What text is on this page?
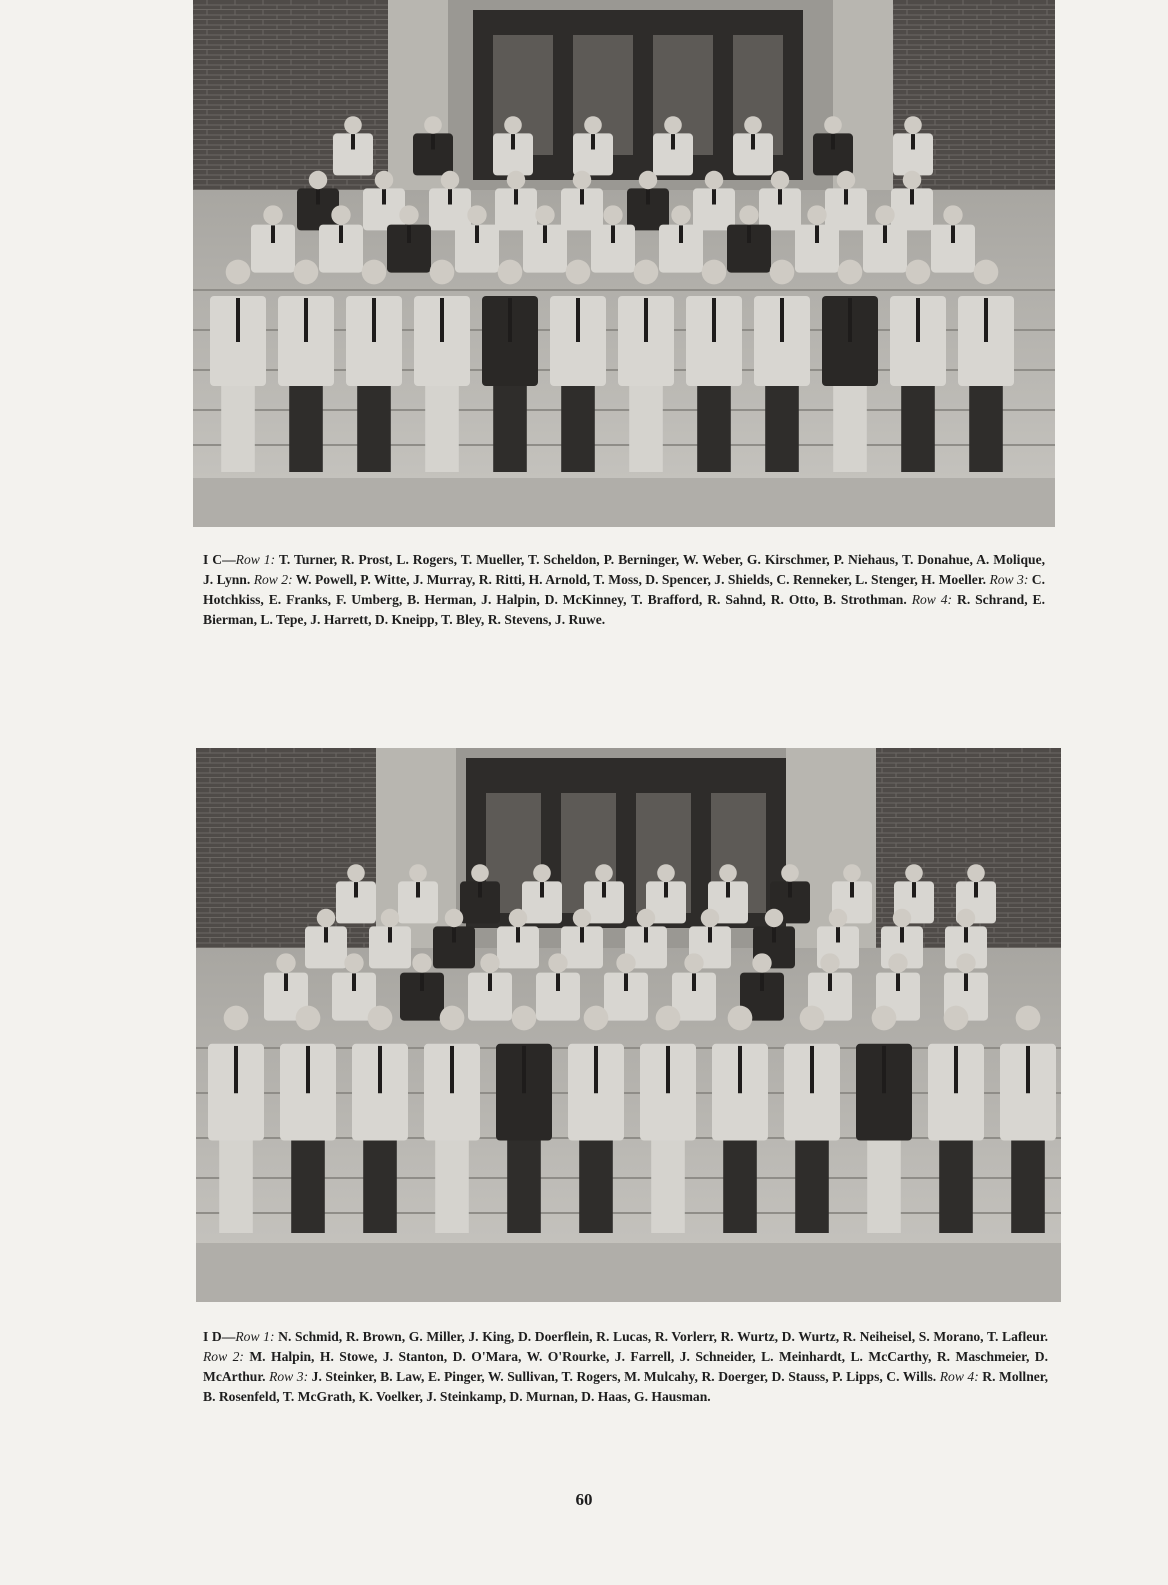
I C—Row 1: T. Turner, R. Prost, L. Rogers, T. Mueller, T. Scheldon, P. Berninger, W. Weber, G. Kirschmer, P. Niehaus, T. Donahue, A. Molique, J. Lynn. Row 2: W. Powell, P. Witte, J. Murray, R. Ritti, H. Arnold, T. Moss, D. Spencer, J. Shields, C. Renneker, L. Stenger, H. Moeller. Row 3: C. Hotchkiss, E. Franks, F. Umberg, B. Herman, J. Halpin, D. McKinney, T. Brafford, R. Sahnd, R. Otto, B. Strothman. Row 4: R. Schrand, E. Bierman, L. Tepe, J. Harrett, D. Kneipp, T. Bley, R. Stevens, J. Ruwe.
I D—Row 1: N. Schmid, R. Brown, G. Miller, J. King, D. Doerflein, R. Lucas, R. Vorlerr, R. Wurtz, D. Wurtz, R. Neiheisel, S. Morano, T. Lafleur. Row 2: M. Halpin, H. Stowe, J. Stanton, D. O'Mara, W. O'Rourke, J. Farrell, J. Schneider, L. Meinhardt, L. McCarthy, R. Maschmeier, D. McArthur. Row 3: J. Steinker, B. Law, E. Pinger, W. Sullivan, T. Rogers, M. Mulcahy, R. Doerger, D. Stauss, P. Lipps, C. Wills. Row 4: R. Mollner, B. Rosenfeld, T. McGrath, K. Voelker, J. Steinkamp, D. Murnan, D. Haas, G. Hausman.
60
